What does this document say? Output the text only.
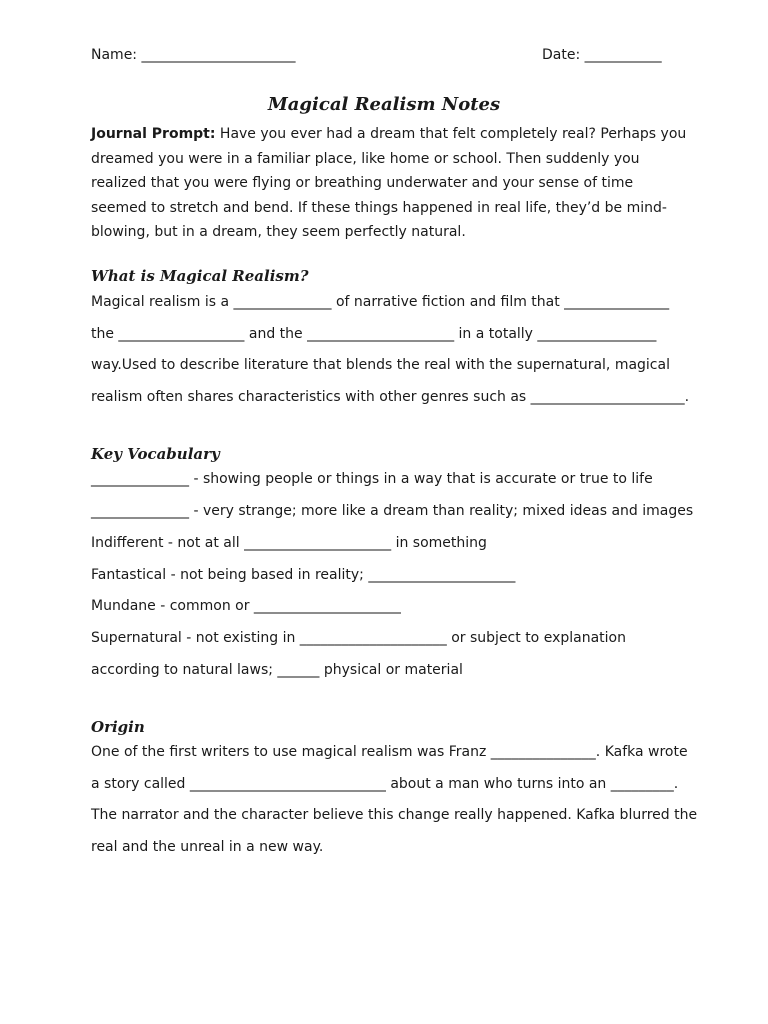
Name: ______________________	Date: ___________
Magical Realism Notes
Journal Prompt: Have you ever had a dream that felt completely real? Perhaps you dreamed you were in a familiar place, like home or school. Then suddenly you realized that you were flying or breathing underwater and your sense of time seemed to stretch and bend. If these things happened in real life, they’d be mind-blowing, but in a dream, they seem perfectly natural.
What is Magical Realism?
Magical realism is a ______________ of narrative fiction and film that _______________
the __________________ and the _____________________ in a totally _________________
way.Used to describe literature that blends the real with the supernatural, magical
realism often shares characteristics with other genres such as ______________________.
Key Vocabulary
______________ - showing people or things in a way that is accurate or true to life
______________ - very strange; more like a dream than reality; mixed ideas and images
Indifferent - not at all _____________________ in something
Fantastical - not being based in reality; _____________________
Mundane - common or _____________________
Supernatural - not existing in _____________________ or subject to explanation
according to natural laws; ______ physical or material
Origin
One of the first writers to use magical realism was Franz _______________. Kafka wrote
a story called ____________________________ about a man who turns into an _________.
The narrator and the character believe this change really happened. Kafka blurred the
real and the unreal in a new way.
